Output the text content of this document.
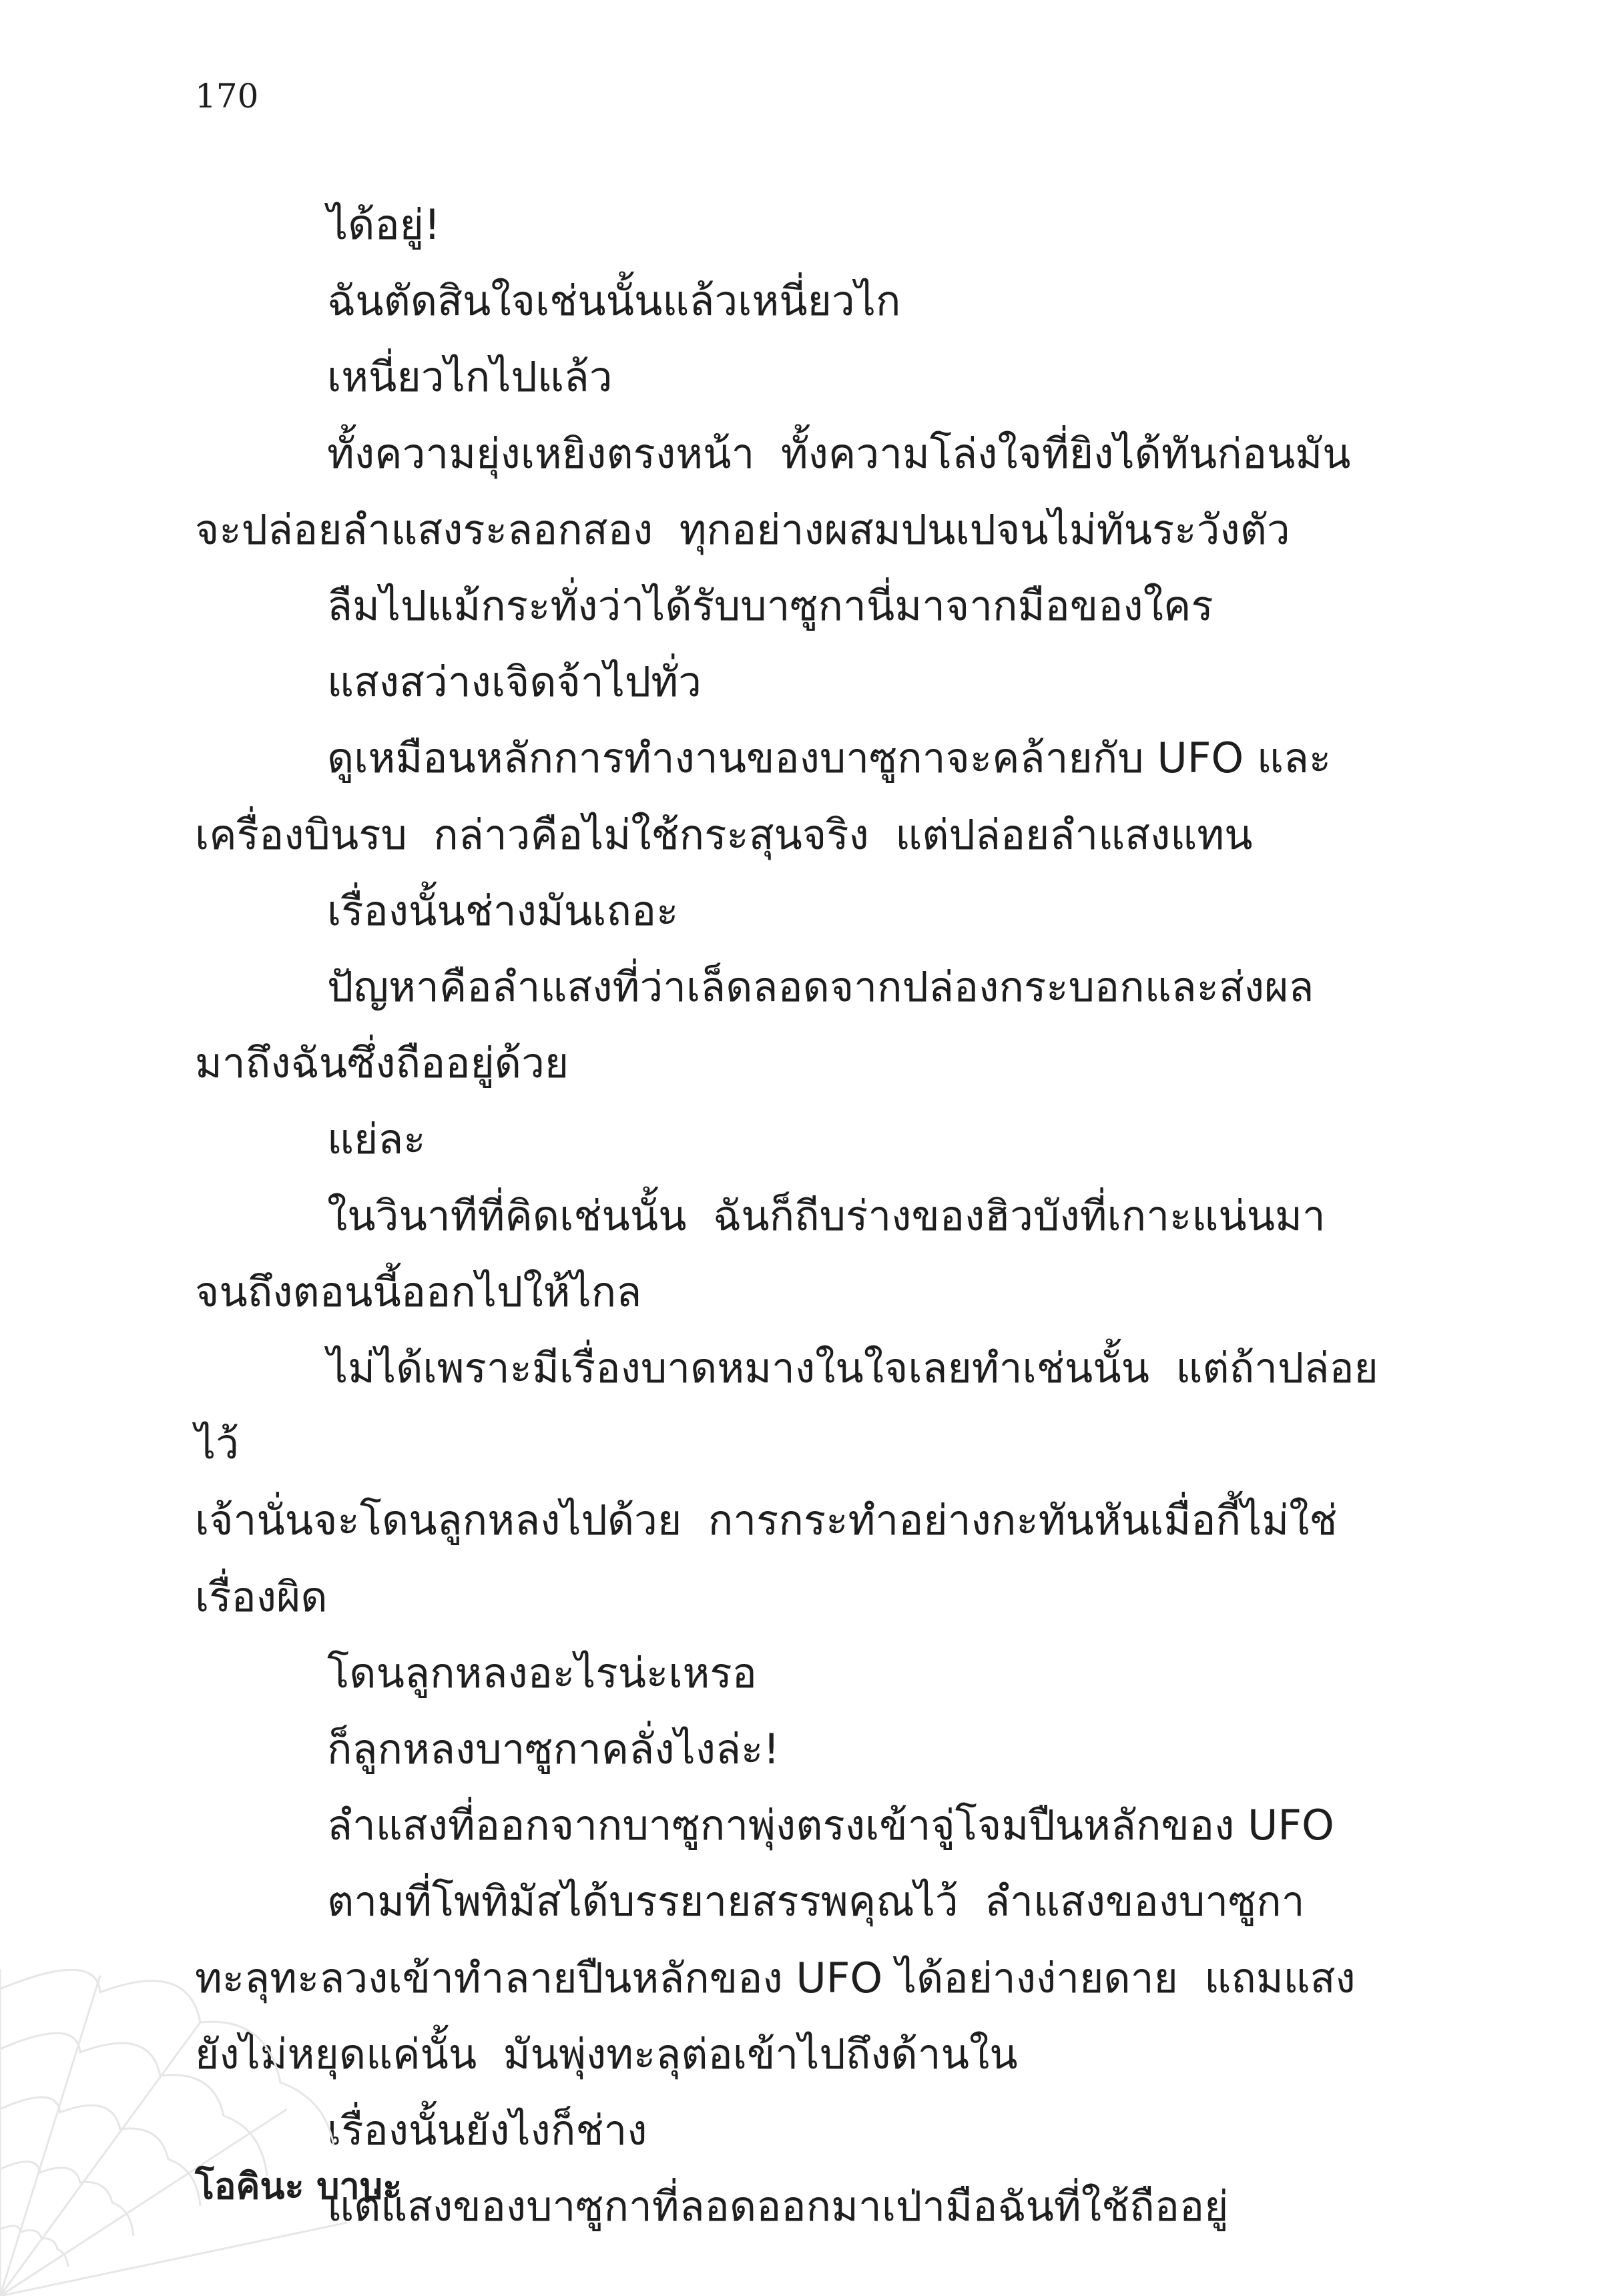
170

ได้อยู่!

ฉันตัดสินใจเช่นนั้นแล้วเหนี่ยวไก

เหนี่ยวไกไปแล้ว

ทั้งความยุ่งเหยิงตรงหน้า  ทั้งความโล่งใจที่ยิงได้ทันก่อนมัน
จะปล่อยลำแสงระลอกสอง  ทุกอย่างผสมปนเปจนไม่ทันระวังตัว

ลืมไปแม้กระทั่งว่าได้รับบาซูกานี่มาจากมือของใคร

แสงสว่างเจิดจ้าไปทั่ว

ดูเหมือนหลักการทำงานของบาซูกาจะคล้ายกับ UFO และ
เครื่องบินรบ  กล่าวคือไม่ใช้กระสุนจริง  แต่ปล่อยลำแสงแทน

เรื่องนั้นช่างมันเถอะ

ปัญหาคือลำแสงที่ว่าเล็ดลอดจากปล่องกระบอกและส่งผล
มาถึงฉันซึ่งถืออยู่ด้วย

แย่ละ

ในวินาทีที่คิดเช่นนั้น  ฉันก็ถีบร่างของฮิวบังที่เกาะแน่นมา
จนถึงตอนนี้ออกไปให้ไกล

ไม่ได้เพราะมีเรื่องบาดหมางในใจเลยทำเช่นนั้น  แต่ถ้าปล่อยไว้
เจ้านั่นจะโดนลูกหลงไปด้วย  การกระทำอย่างกะทันหันเมื่อกี้ไม่ใช่
เรื่องผิด

โดนลูกหลงอะไรน่ะเหรอ

ก็ลูกหลงบาซูกาคลั่งไงล่ะ!

ลำแสงที่ออกจากบาซูกาพุ่งตรงเข้าจู่โจมปืนหลักของ UFO

ตามที่โพทิมัสได้บรรยายสรรพคุณไว้  ลำแสงของบาซูกา
ทะลุทะลวงเข้าทำลายปืนหลักของ UFO ได้อย่างง่ายดาย  แถมแสง
ยังไม่หยุดแค่นั้น  มันพุ่งทะลุต่อเข้าไปถึงด้านใน

เรื่องนั้นยังไงก็ช่าง

แต่แสงของบาซูกาที่ลอดออกมาเป่ามือฉันที่ใช้ถืออยู่

โอคินะ บาบะ
